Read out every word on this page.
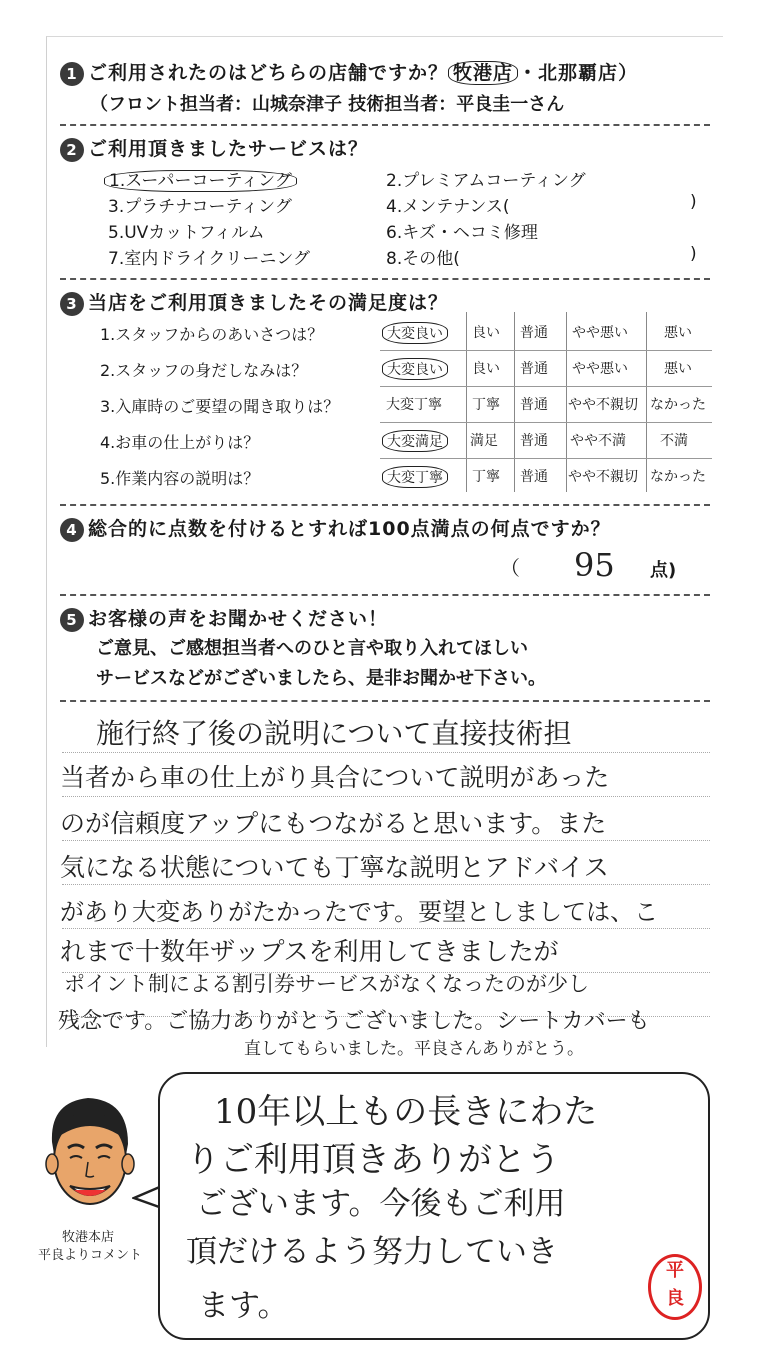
1 ご利用されたのはどちらの店舗ですか？ 牧港店 ・北那覇店）
（フロント担当者：山城奈津子 技術担当者：平良圭一さん
2 ご利用頂きましたサービスは？
1.スーパーコーティング	2.プレミアムコーティング
3.プラチナコーティング	4.メンテナンス(	)
5.UVカットフィルム	6.キズ・ヘコミ修理
7.室内ドライクリーニング	8.その他(	)
3 当店をご利用頂きましたその満足度は？
1.スタッフからのあいさつは？	大変良い	良い 普通 やや悪い	悪い
2.スタッフの身だしなみは？	大変良い	良い 普通 やや悪い	悪い
3.入庫時のご要望の聞き取りは？	大変丁寧 丁寧 普通 やや不親切 なかった
4.お車の仕上がりは？	大変満足	満足 普通 やや不満 不満
5.作業内容の説明は？	大変丁寧	丁寧 普通 やや不親切 なかった
4 総合的に点数を付けるとすれば100点満点の何点ですか？
（ 95 点)
5 お客様の声をお聞かせください！
ご意見、ご感想担当者へのひと言や取り入れてほしい
サービスなどがございましたら、是非お聞かせ下さい。
施行終了後の説明について直接技術担
当者から車の仕上がり具合について説明があった
のが信頼度アップにもつながると思います。また
気になる状態についても丁寧な説明とアドバイス
があり大変ありがたかったです。要望としましては、こ
れまで十数年ザップスを利用してきましたが
ポイント制による割引券サービスがなくなったのが少し
残念です。ご協力ありがとうございました。シートカバーも
直してもらいました。平良さんありがとう。
牧港本店
平良よりコメント
10年以上もの長きにわた
りご利用頂きありがとう
ございます。今後もご利用
頂だけるよう努力していき
ます。
平
良
